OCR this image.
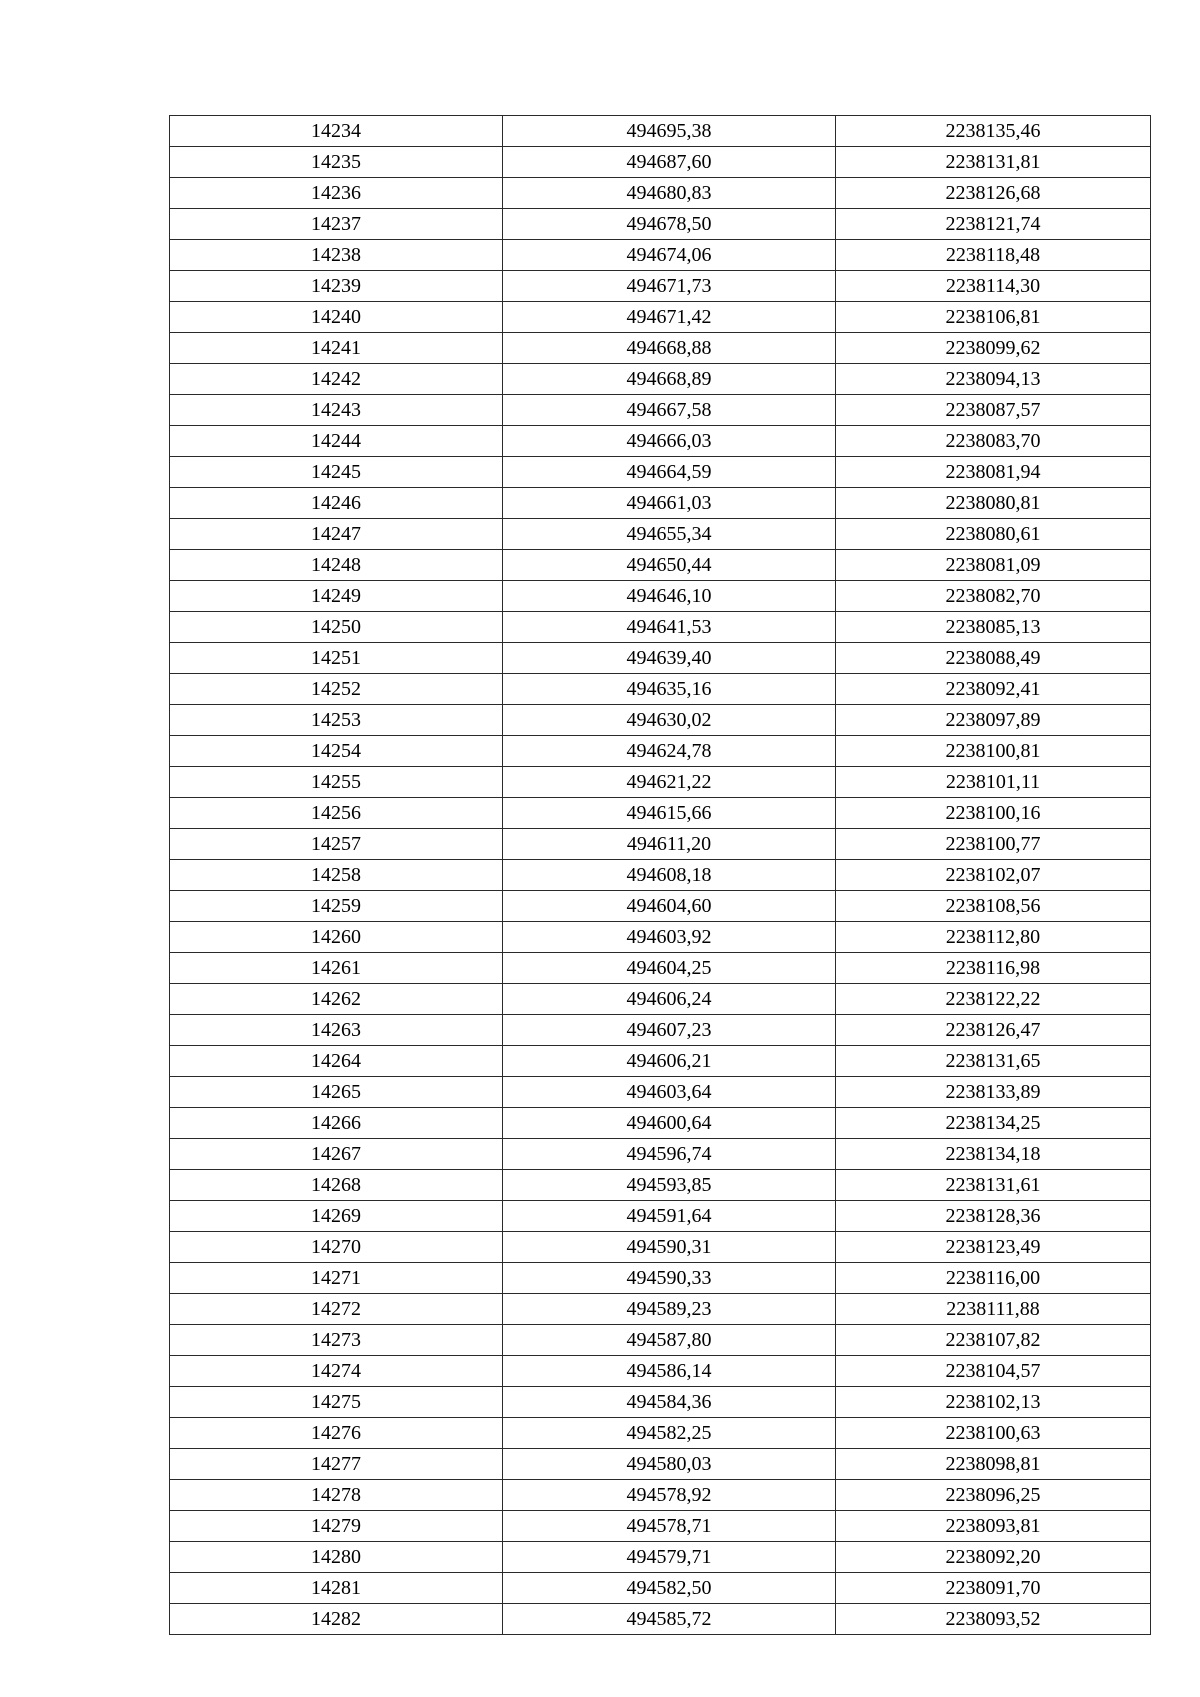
14234	494695,38	2238135,46
14235	494687,60	2238131,81
14236	494680,83	2238126,68
14237	494678,50	2238121,74
14238	494674,06	2238118,48
14239	494671,73	2238114,30
14240	494671,42	2238106,81
14241	494668,88	2238099,62
14242	494668,89	2238094,13
14243	494667,58	2238087,57
14244	494666,03	2238083,70
14245	494664,59	2238081,94
14246	494661,03	2238080,81
14247	494655,34	2238080,61
14248	494650,44	2238081,09
14249	494646,10	2238082,70
14250	494641,53	2238085,13
14251	494639,40	2238088,49
14252	494635,16	2238092,41
14253	494630,02	2238097,89
14254	494624,78	2238100,81
14255	494621,22	2238101,11
14256	494615,66	2238100,16
14257	494611,20	2238100,77
14258	494608,18	2238102,07
14259	494604,60	2238108,56
14260	494603,92	2238112,80
14261	494604,25	2238116,98
14262	494606,24	2238122,22
14263	494607,23	2238126,47
14264	494606,21	2238131,65
14265	494603,64	2238133,89
14266	494600,64	2238134,25
14267	494596,74	2238134,18
14268	494593,85	2238131,61
14269	494591,64	2238128,36
14270	494590,31	2238123,49
14271	494590,33	2238116,00
14272	494589,23	2238111,88
14273	494587,80	2238107,82
14274	494586,14	2238104,57
14275	494584,36	2238102,13
14276	494582,25	2238100,63
14277	494580,03	2238098,81
14278	494578,92	2238096,25
14279	494578,71	2238093,81
14280	494579,71	2238092,20
14281	494582,50	2238091,70
14282	494585,72	2238093,52
